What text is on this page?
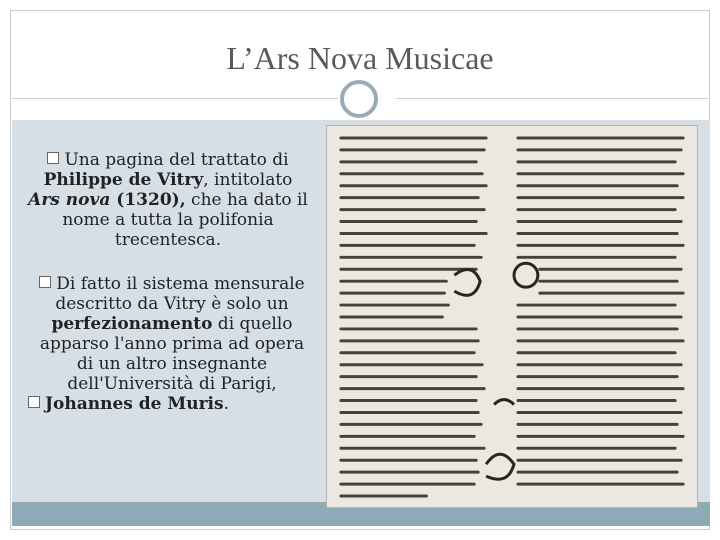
L’Ars Nova Musicae
Una pagina del trattato di Philippe de Vitry, intitolato Ars nova (1320), che ha dato il nome a tutta la polifonia trecentesca.
Di fatto il sistema mensurale descritto da Vitry è solo un perfezionamento di quello apparso l'anno prima ad opera di un altro insegnante dell'Università di Parigi,
Johannes de Muris.
